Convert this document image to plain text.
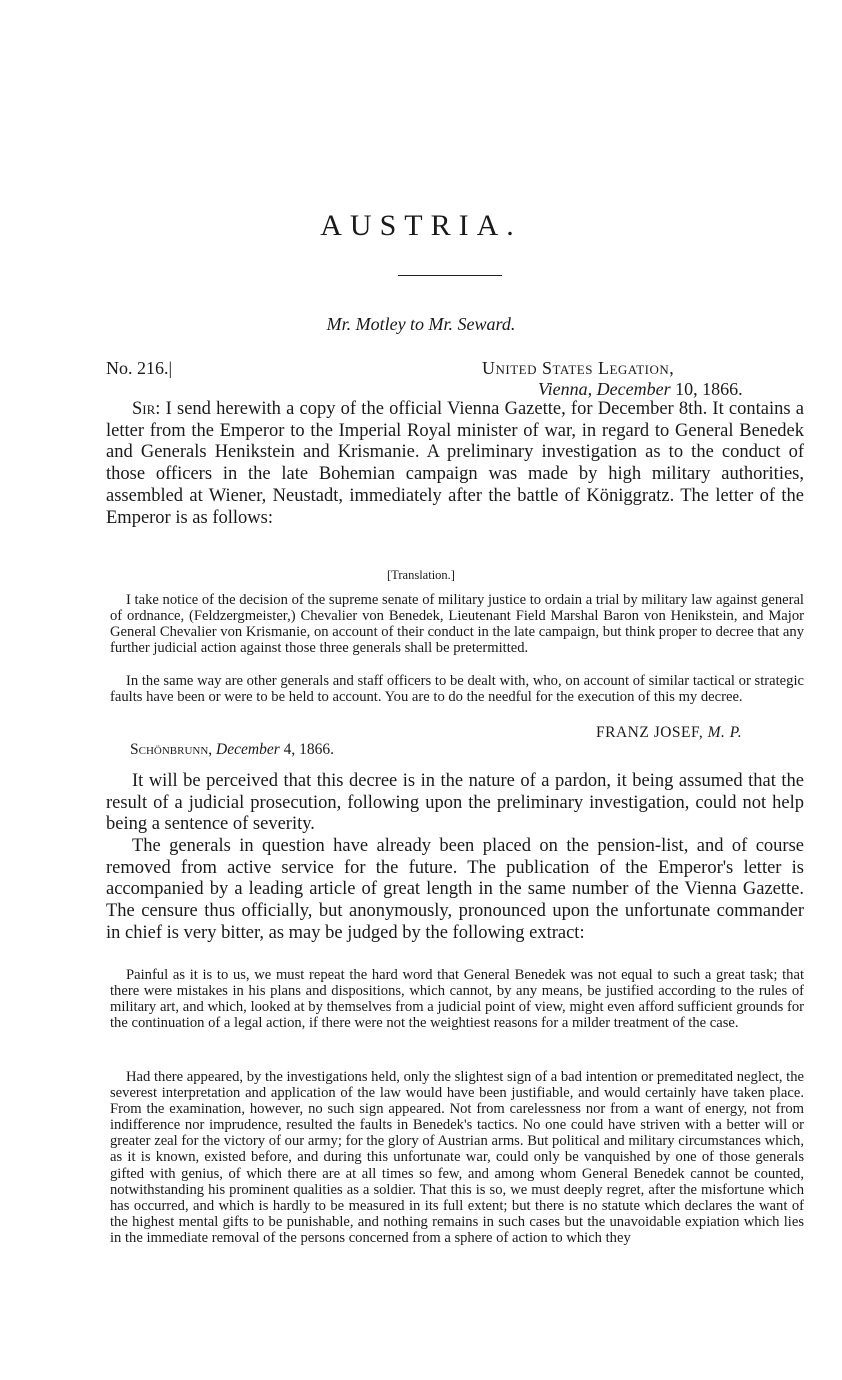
AUSTRIA.
Mr. Motley to Mr. Seward.
No. 216.|	United States Legation,
Vienna, December 10, 1866.
Sir: I send herewith a copy of the official Vienna Gazette, for December 8th. It contains a letter from the Emperor to the Imperial Royal minister of war, in regard to General Benedek and Generals Henikstein and Krismanie. A preliminary investigation as to the conduct of those officers in the late Bohemian campaign was made by high military authorities, assembled at Wiener, Neustadt, immediately after the battle of Königgratz. The letter of the Emperor is as follows:
[Translation.]
I take notice of the decision of the supreme senate of military justice to ordain a trial by military law against general of ordnance, (Feldzergmeister,) Chevalier von Benedek, Lieutenant Field Marshal Baron von Henikstein, and Major General Chevalier von Krismanie, on account of their conduct in the late campaign, but think proper to decree that any further judicial action against those three generals shall be pretermitted.
In the same way are other generals and staff officers to be dealt with, who, on account of similar tactical or strategic faults have been or were to be held to account. You are to do the needful for the execution of this my decree.
FRANZ JOSEF, M. P.
Schönbrunn, December 4, 1866.
It will be perceived that this decree is in the nature of a pardon, it being assumed that the result of a judicial prosecution, following upon the preliminary investigation, could not help being a sentence of severity.
The generals in question have already been placed on the pension-list, and of course removed from active service for the future. The publication of the Emperor's letter is accompanied by a leading article of great length in the same number of the Vienna Gazette. The censure thus officially, but anonymously, pronounced upon the unfortunate commander in chief is very bitter, as may be judged by the following extract:
Painful as it is to us, we must repeat the hard word that General Benedek was not equal to such a great task; that there were mistakes in his plans and dispositions, which cannot, by any means, be justified according to the rules of military art, and which, looked at by themselves from a judicial point of view, might even afford sufficient grounds for the continuation of a legal action, if there were not the weightiest reasons for a milder treatment of the case.
Had there appeared, by the investigations held, only the slightest sign of a bad intention or premeditated neglect, the severest interpretation and application of the law would have been justifiable, and would certainly have taken place. From the examination, however, no such sign appeared. Not from carelessness nor from a want of energy, not from indifference nor imprudence, resulted the faults in Benedek's tactics. No one could have striven with a better will or greater zeal for the victory of our army; for the glory of Austrian arms. But political and military circumstances which, as it is known, existed before, and during this unfortunate war, could only be vanquished by one of those generals gifted with genius, of which there are at all times so few, and among whom General Benedek cannot be counted, notwithstanding his prominent qualities as a soldier. That this is so, we must deeply regret, after the misfortune which has occurred, and which is hardly to be measured in its full extent; but there is no statute which declares the want of the highest mental gifts to be punishable, and nothing remains in such cases but the unavoidable expiation which lies in the immediate removal of the persons concerned from a sphere of action to which they
